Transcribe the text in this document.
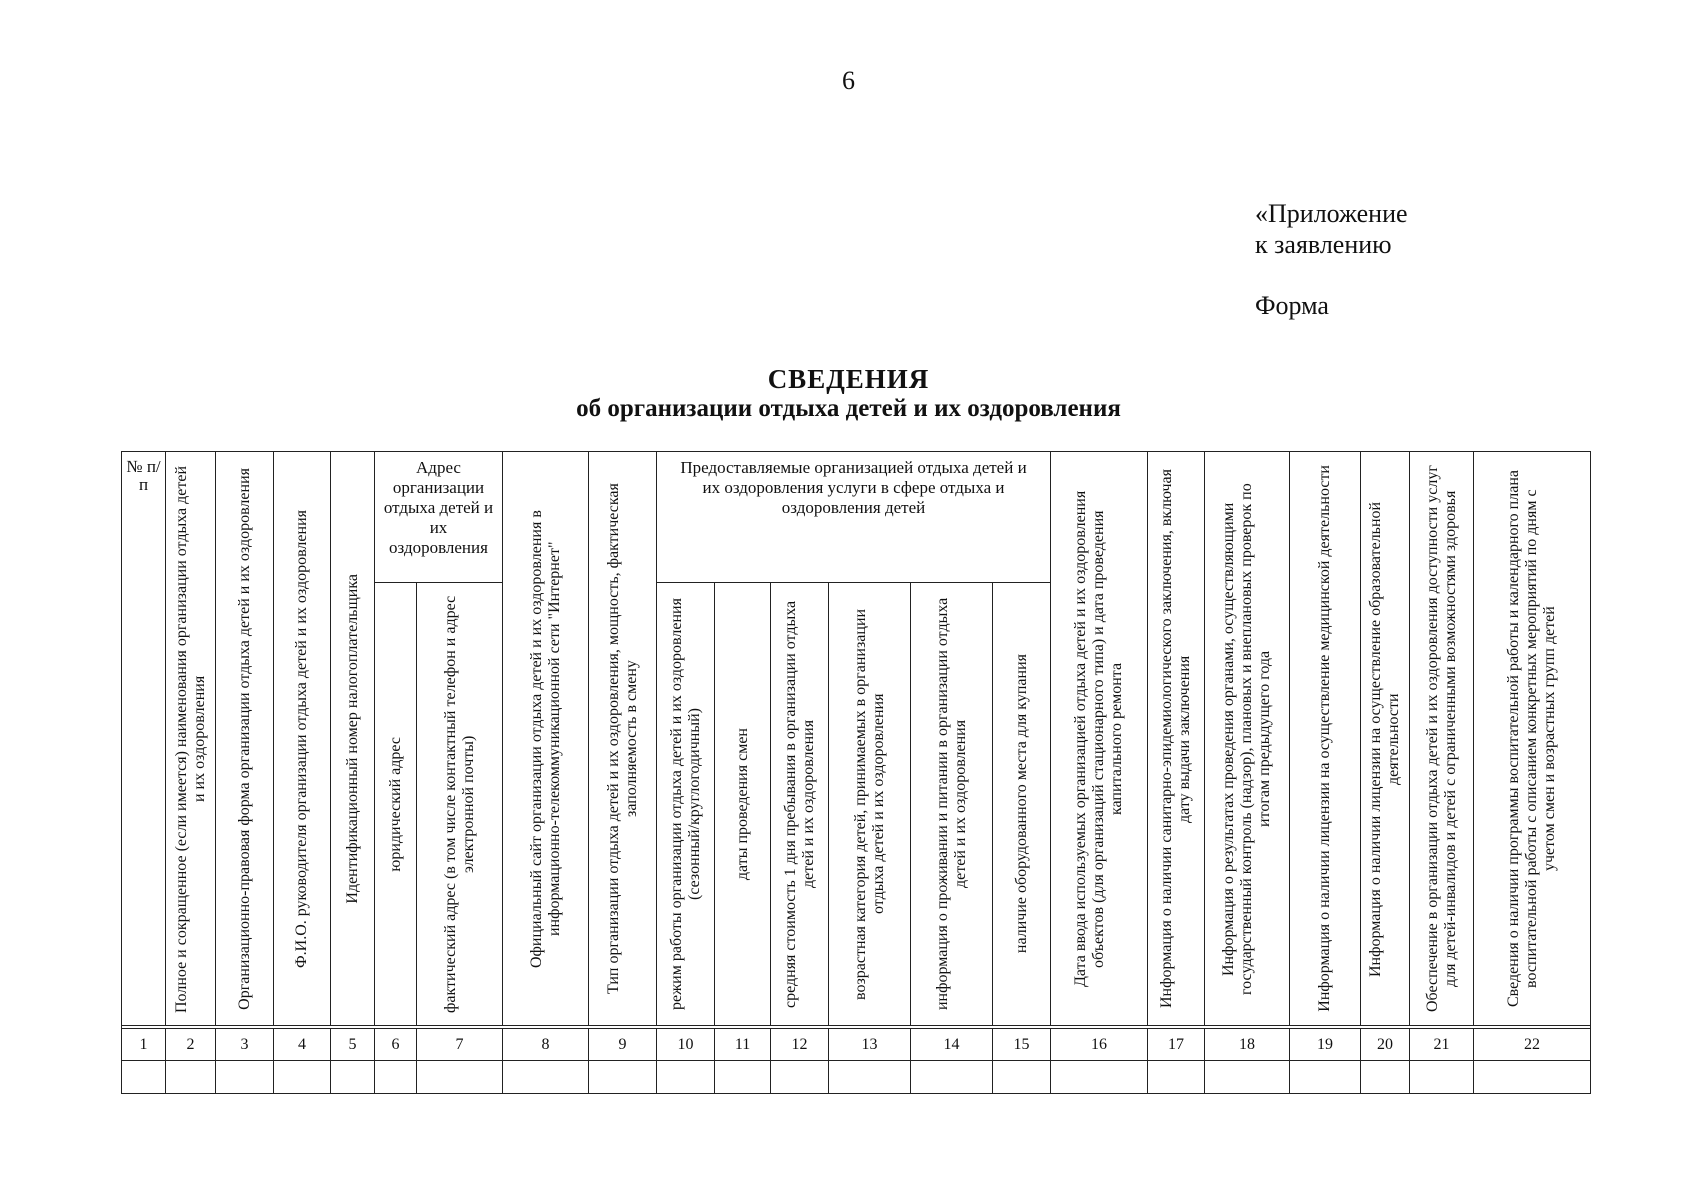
6
«Приложение
к заявлению
Форма
СВЕДЕНИЯ
об организации отдыха детей и их оздоровления
№ п/п	Полное и сокращенное (если имеется) наименования организации отдыха детей и их оздоровления	Организационно-правовая форма организации отдыха детей и их оздоровления	Ф.И.О. руководителя организации отдыха детей и их оздоровления	Идентификационный номер налогоплательщика	Адрес организации отдыха детей и их оздоровления		Официальный сайт организации отдыха детей и их оздоровления в информационно-телекоммуникационной сети "Интернет"	Тип организации отдыха детей и их оздоровления, мощность, фактическая заполняемость в смену	Предоставляемые организацией отдыха детей и их оздоровления услуги в сфере отдыха и оздоровления детей						Дата ввода используемых организацией отдыха детей и их оздоровления объектов (для организаций стационарного типа) и дата проведения капитального ремонта	Информация о наличии санитарно-эпидемиологического заключения, включая дату выдачи заключения	Информация о результатах проведения органами, осуществляющими государственный контроль (надзор), плановых и внеплановых проверок по итогам предыдущего года	Информация о наличии лицензии на осуществление медицинской деятельности	Информация о наличии лицензии на осуществление образовательной деятельности	Обеспечение в организации отдыха детей и их оздоровления доступности услуг для детей-инвалидов и детей с ограниченными возможностями здоровья	Сведения о наличии программы воспитательной работы и календарного плана воспитательной работы с описанием конкретных мероприятий по дням с учетом смен и возрастных групп детей

					юридический адрес	фактический адрес (в том числе контактный телефон и адрес электронной почты)			режим работы организации отдыха детей и их оздоровления (сезонный/круглогодичный)	даты проведения смен	средняя стоимость 1 дня пребывания в организации отдыха детей и их оздоровления	возрастная категория детей, принимаемых в организации отдыха детей и их оздоровления	информация о проживании и питании в организации отдыха детей и их оздоровления	наличие оборудованного места для купания							

1	2	3	4	5	6	7	8	9	10	11	12	13	14	15	16	17	18	19	20	21	22
